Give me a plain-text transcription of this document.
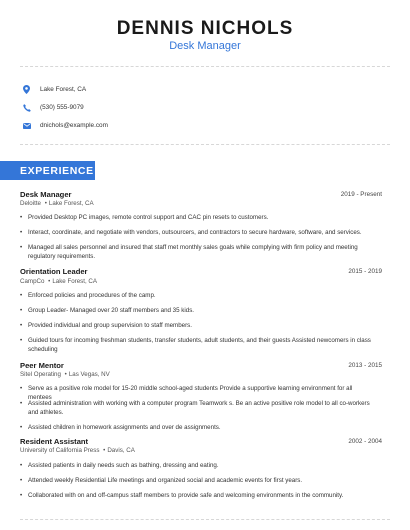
DENNIS NICHOLS
Desk Manager
Lake Forest, CA
(530) 555-9079
dnichols@example.com
EXPERIENCE
Desk Manager	2019 - Present
Deloitte • Lake Forest, CA
• Provided Desktop PC images, remote control support and CAC pin resets to customers.
• Interact, coordinate, and negotiate with vendors, outsourcers, and contractors to secure hardware, software, and services.
• Managed all sales personnel and insured that staff met monthly sales goals while complying with firm policy and meeting regulatory requirements.
Orientation Leader	2015 - 2019
CampCo • Lake Forest, CA
• Enforced policies and procedures of the camp.
• Group Leader- Managed over 20 staff members and 35 kids.
• Provided individual and group supervision to staff members.
• Guided tours for incoming freshman students, transfer students, adult students, and their guests Assisted newcomers in class scheduling
Peer Mentor	2013 - 2015
Sitel Operating • Las Vegas, NV
• Serve as a positive role model for 15-20 middle school-aged students Provide a supportive learning environment for all mentees
• Assisted administration with working with a computer program Teamwork s. Be an active positive role model to all co-workers and athletes.
• Assisted children in homework assignments and over de assignments.
Resident Assistant	2002 - 2004
University of California Press • Davis, CA
• Assisted patients in daily needs such as bathing, dressing and eating.
• Attended weekly Residential Life meetings and organized social and academic events for first years.
• Collaborated with on and off-campus staff members to provide safe and welcoming environments in the community.
